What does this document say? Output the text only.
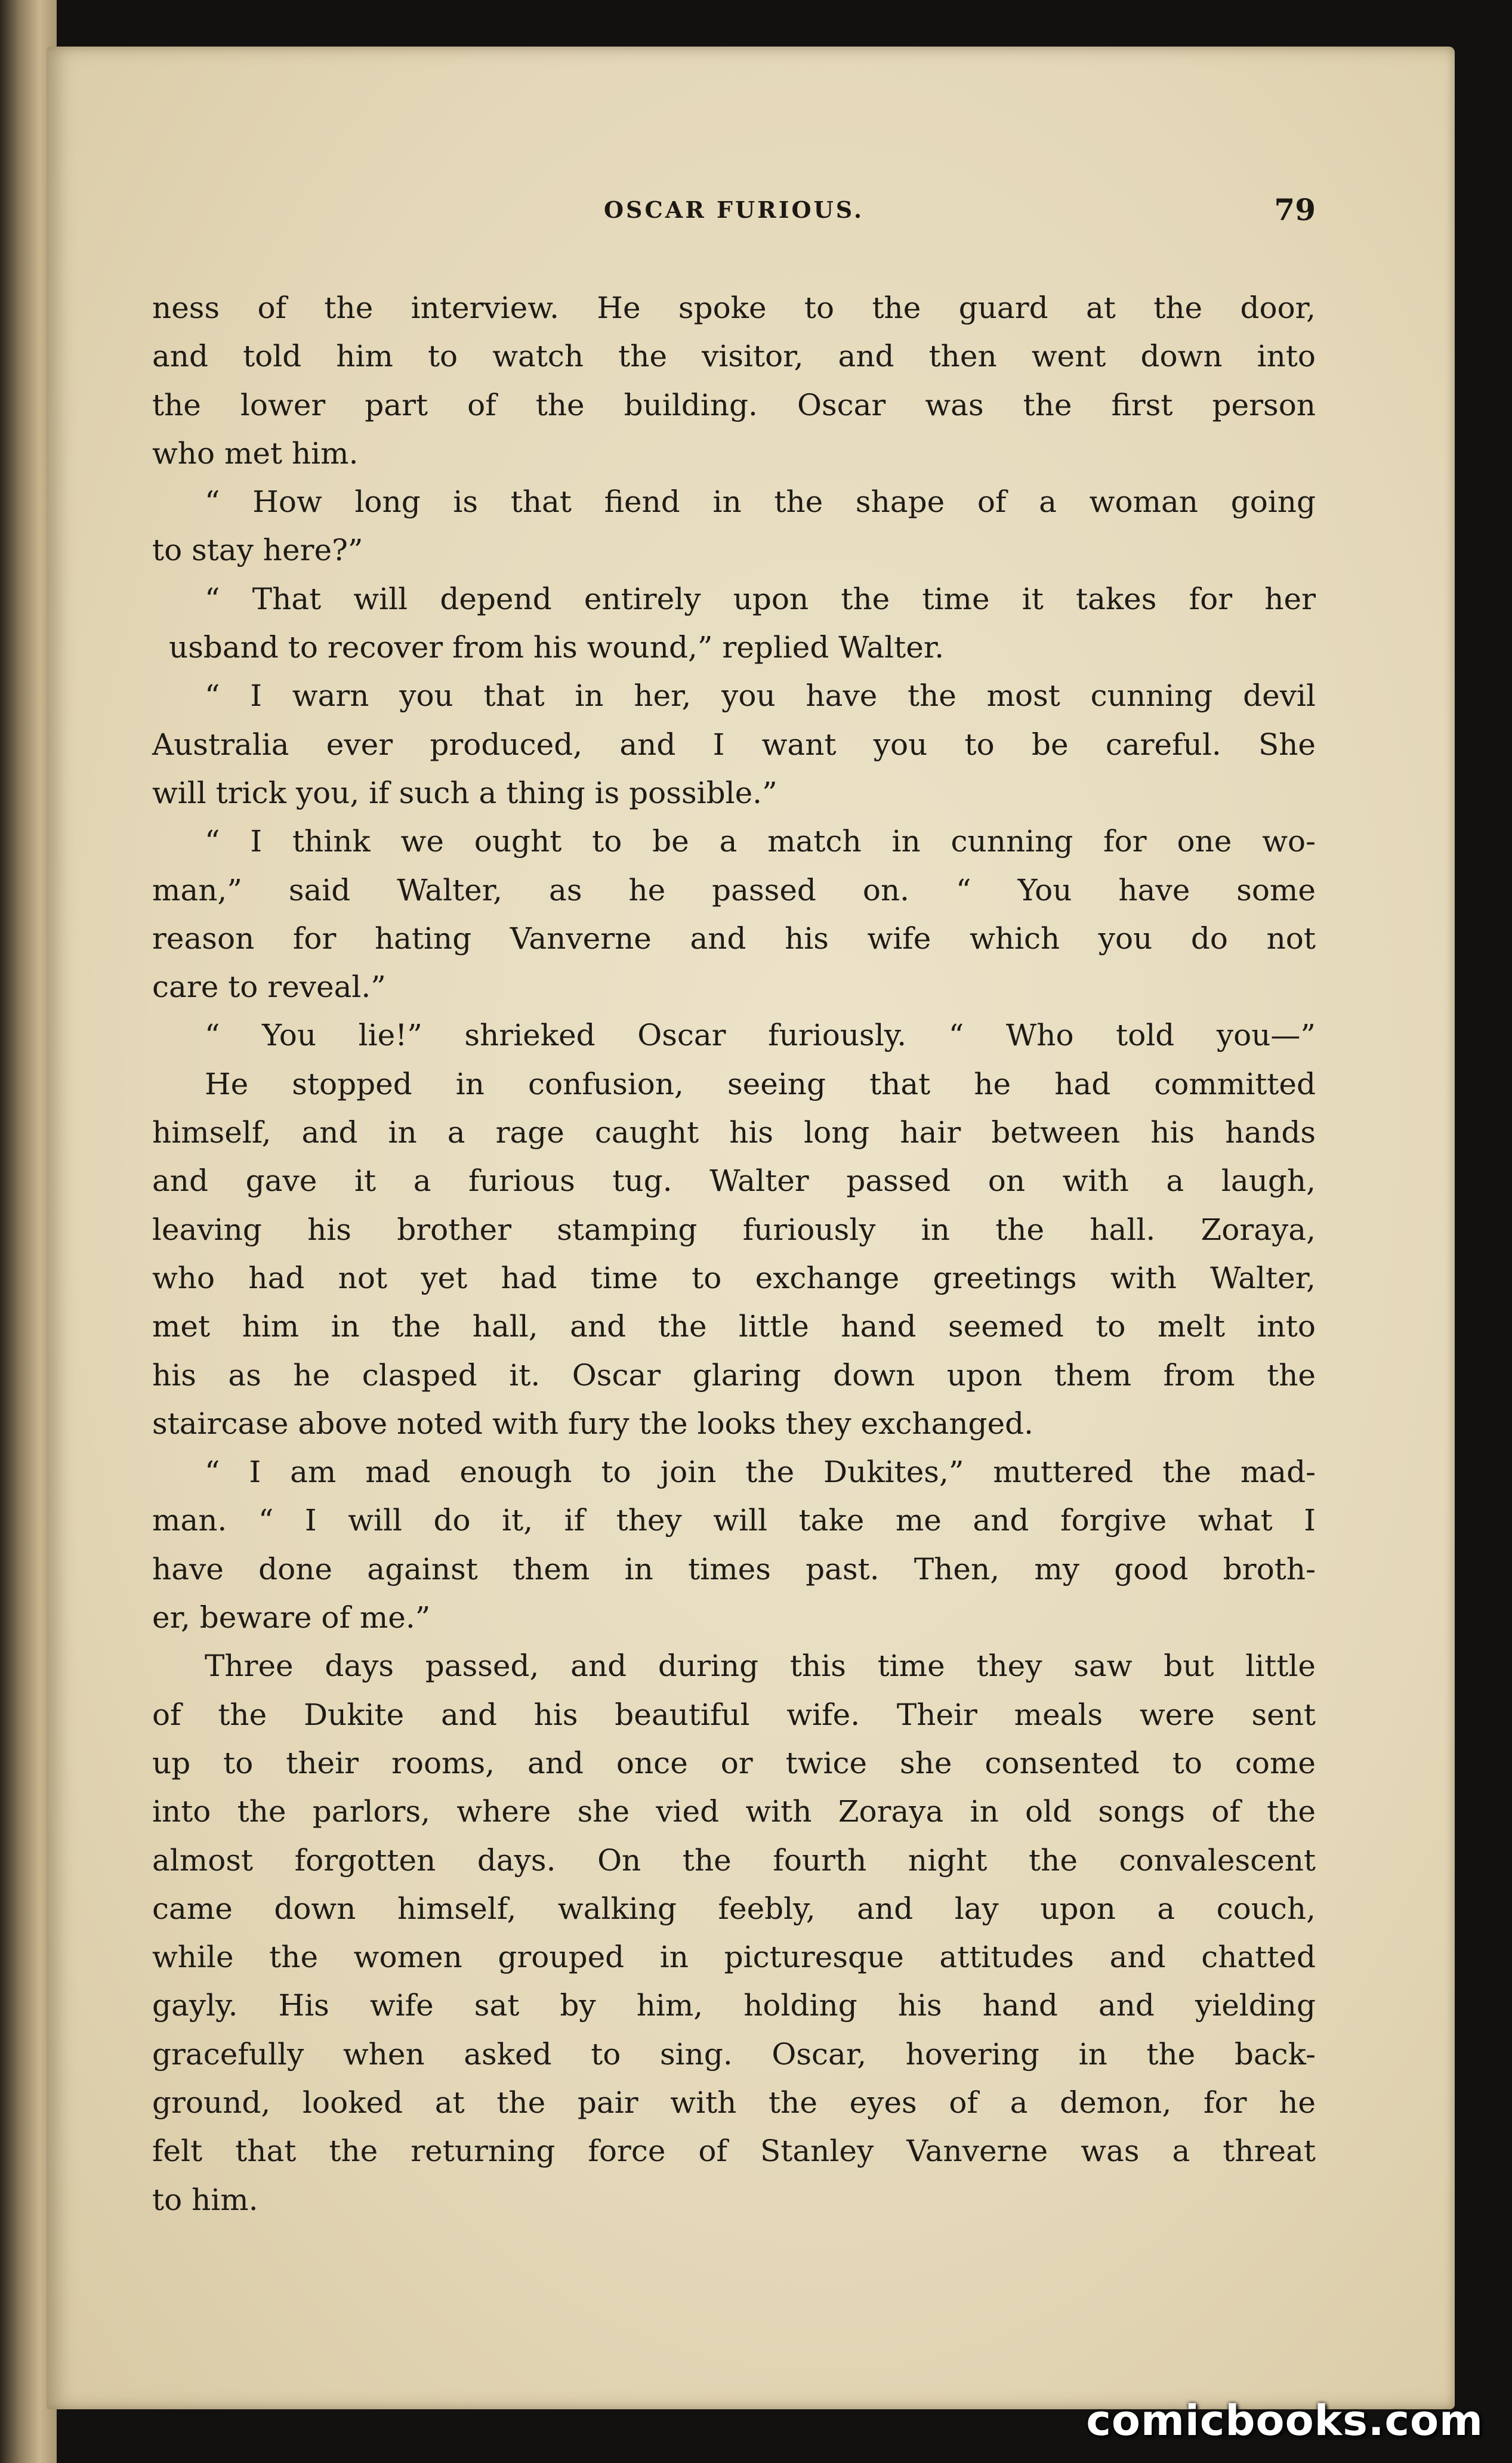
OSCAR FURIOUS.	79
ness of the interview. He spoke to the guard at the door,
and told him to watch the visitor, and then went down into
the lower part of the building. Oscar was the first person
who met him.
“ How long is that fiend in the shape of a woman going
to stay here?”
“ That will depend entirely upon the time it takes for her
usband to recover from his wound,” replied Walter.
“ I warn you that in her, you have the most cunning devil
Australia ever produced, and I want you to be careful. She
will trick you, if such a thing is possible.”
“ I think we ought to be a match in cunning for one wo-
man,” said Walter, as he passed on. “ You have some
reason for hating Vanverne and his wife which you do not
care to reveal.”
“ You lie!” shrieked Oscar furiously. “ Who told you—”
He stopped in confusion, seeing that he had committed
himself, and in a rage caught his long hair between his hands
and gave it a furious tug. Walter passed on with a laugh,
leaving his brother stamping furiously in the hall. Zoraya,
who had not yet had time to exchange greetings with Walter,
met him in the hall, and the little hand seemed to melt into
his as he clasped it. Oscar glaring down upon them from the
staircase above noted with fury the looks they exchanged.
“ I am mad enough to join the Dukites,” muttered the mad-
man. “ I will do it, if they will take me and forgive what I
have done against them in times past. Then, my good broth-
er, beware of me.”
Three days passed, and during this time they saw but little
of the Dukite and his beautiful wife. Their meals were sent
up to their rooms, and once or twice she consented to come
into the parlors, where she vied with Zoraya in old songs of the
almost forgotten days. On the fourth night the convalescent
came down himself, walking feebly, and lay upon a couch,
while the women grouped in picturesque attitudes and chatted
gayly. His wife sat by him, holding his hand and yielding
gracefully when asked to sing. Oscar, hovering in the back-
ground, looked at the pair with the eyes of a demon, for he
felt that the returning force of Stanley Vanverne was a threat
to him.
comicbooks.com
